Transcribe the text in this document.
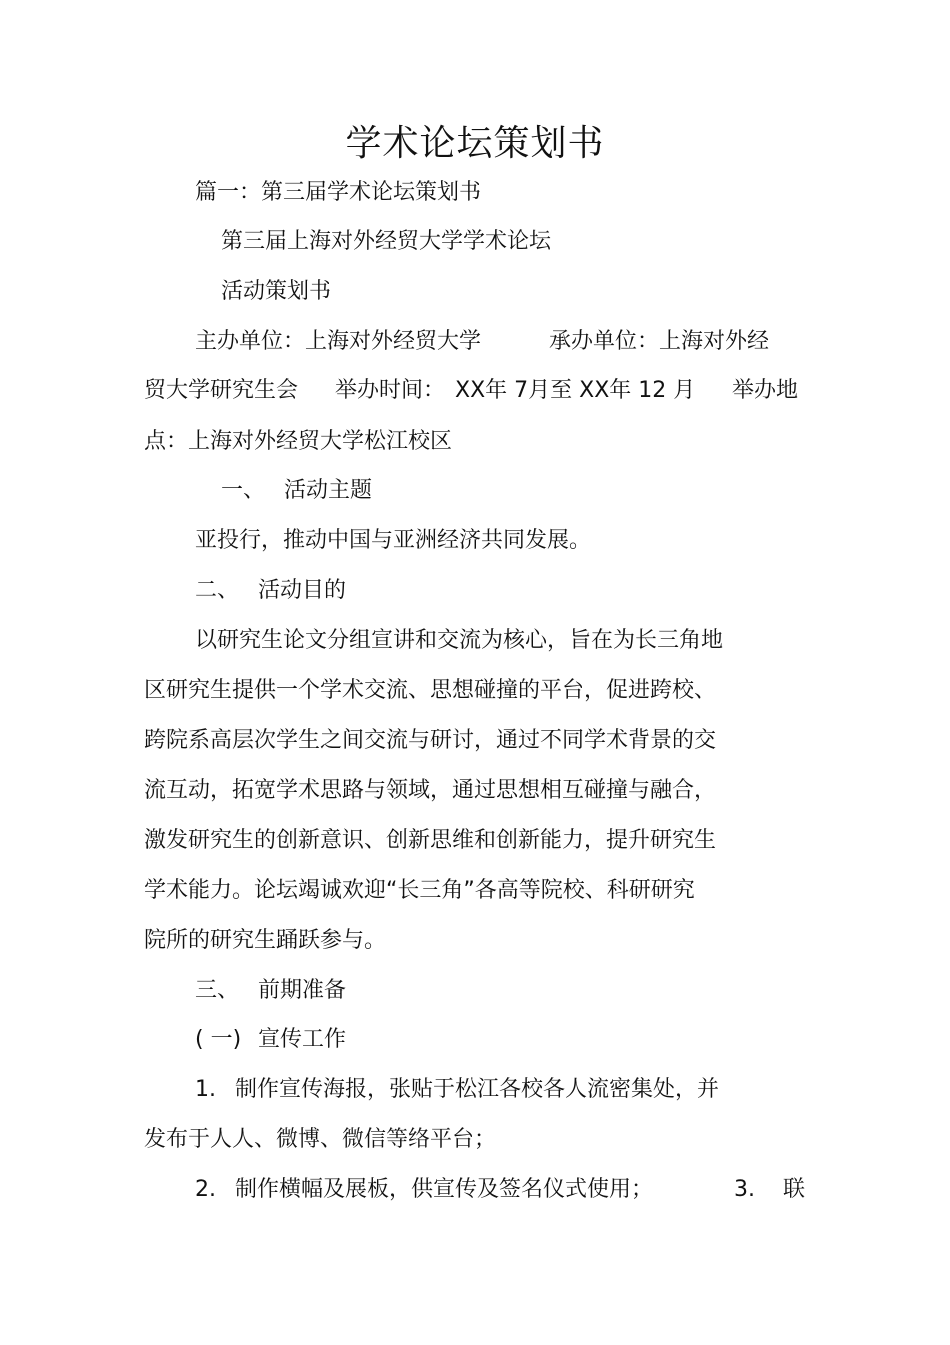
学术论坛策划书

篇一：第三届学术论坛策划书

第三届上海对外经贸大学学术论坛

活动策划书

主办单位：上海对外经贸大学	承办单位：上海对外经

贸大学研究生会 举办时间： XX年 7月至 XX年 12 月 举办地

点：上海对外经贸大学松江校区

一、 活动主题

亚投行，推动中国与亚洲经济共同发展。

二、 活动目的

以研究生论文分组宣讲和交流为核心，旨在为长三角地

区研究生提供一个学术交流、思想碰撞的平台，促进跨校、

跨院系高层次学生之间交流与研讨，通过不同学术背景的交

流互动，拓宽学术思路与领域，通过思想相互碰撞与融合，

激发研究生的创新意识、创新思维和创新能力，提升研究生

学术能力。论坛竭诚欢迎“长三角”各高等院校、科研研究

院所的研究生踊跃参与。

三、 前期准备

( 一) 宣传工作

1. 制作宣传海报，张贴于松江各校各人流密集处，并

发布于人人、微博、微信等络平台；

2. 制作横幅及展板，供宣传及签名仪式使用；	3. 联
